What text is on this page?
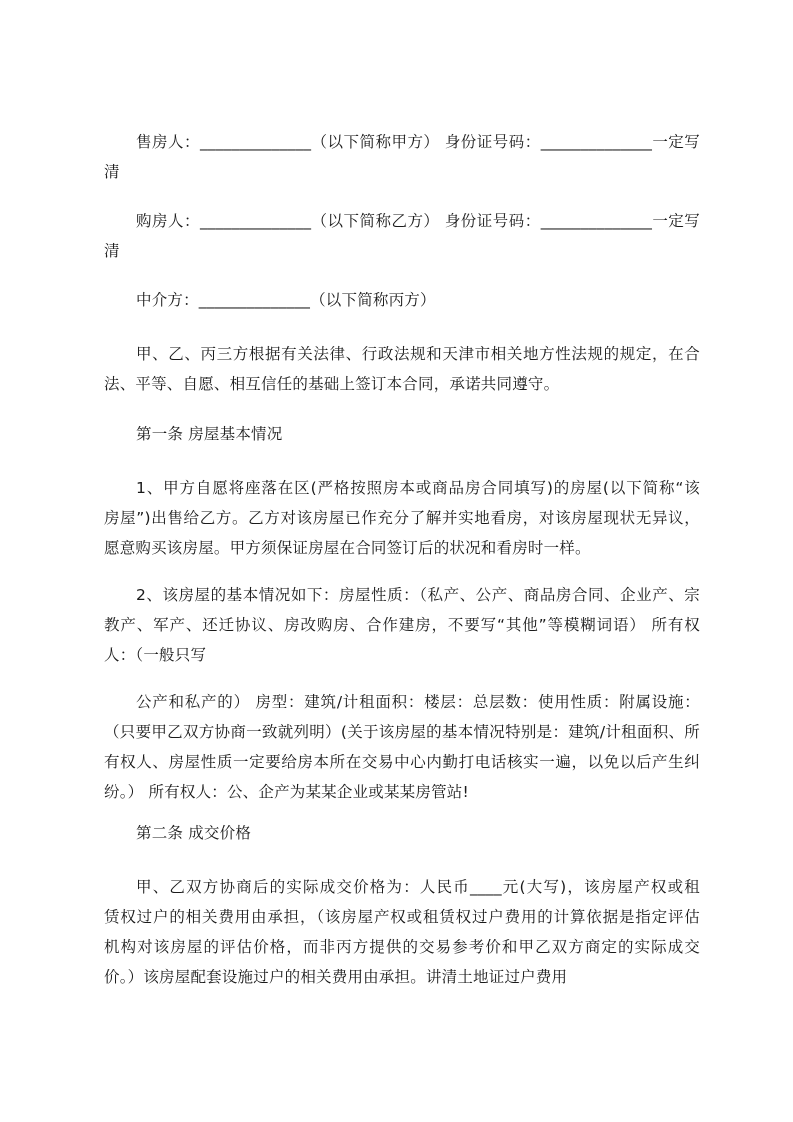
售房人：______________（以下简称甲方） 身份证号码：______________一定写
清
购房人：______________（以下简称乙方） 身份证号码：______________一定写
清
中介方：______________（以下简称丙方）
甲、乙、丙三方根据有关法律、行政法规和天津市相关地方性法规的规定，在合
法、平等、自愿、相互信任的基础上签订本合同，承诺共同遵守。
第一条 房屋基本情况
1、甲方自愿将座落在区(严格按照房本或商品房合同填写)的房屋(以下简称“该
房屋”)出售给乙方。乙方对该房屋已作充分了解并实地看房，对该房屋现状无异议，
愿意购买该房屋。甲方须保证房屋在合同签订后的状况和看房时一样。
2、该房屋的基本情况如下：房屋性质：（私产、公产、商品房合同、企业产、宗
教产、军产、还迁协议、房改购房、合作建房，不要写“其他”等模糊词语） 所有权
人：（一般只写
公产和私产的） 房型：建筑/计租面积：楼层：总层数：使用性质：附属设施：
（只要甲乙双方协商一致就列明）(关于该房屋的基本情况特别是：建筑/计租面积、所
有权人、房屋性质一定要给房本所在交易中心内勤打电话核实一遍，以免以后产生纠
纷。） 所有权人：公、企产为某某企业或某某房管站!
第二条 成交价格
甲、乙双方协商后的实际成交价格为：人民币____元(大写)，该房屋产权或租
赁权过户的相关费用由承担，（该房屋产权或租赁权过户费用的计算依据是指定评估
机构对该房屋的评估价格，而非丙方提供的交易参考价和甲乙双方商定的实际成交
价。）该房屋配套设施过户的相关费用由承担。讲清土地证过户费用
